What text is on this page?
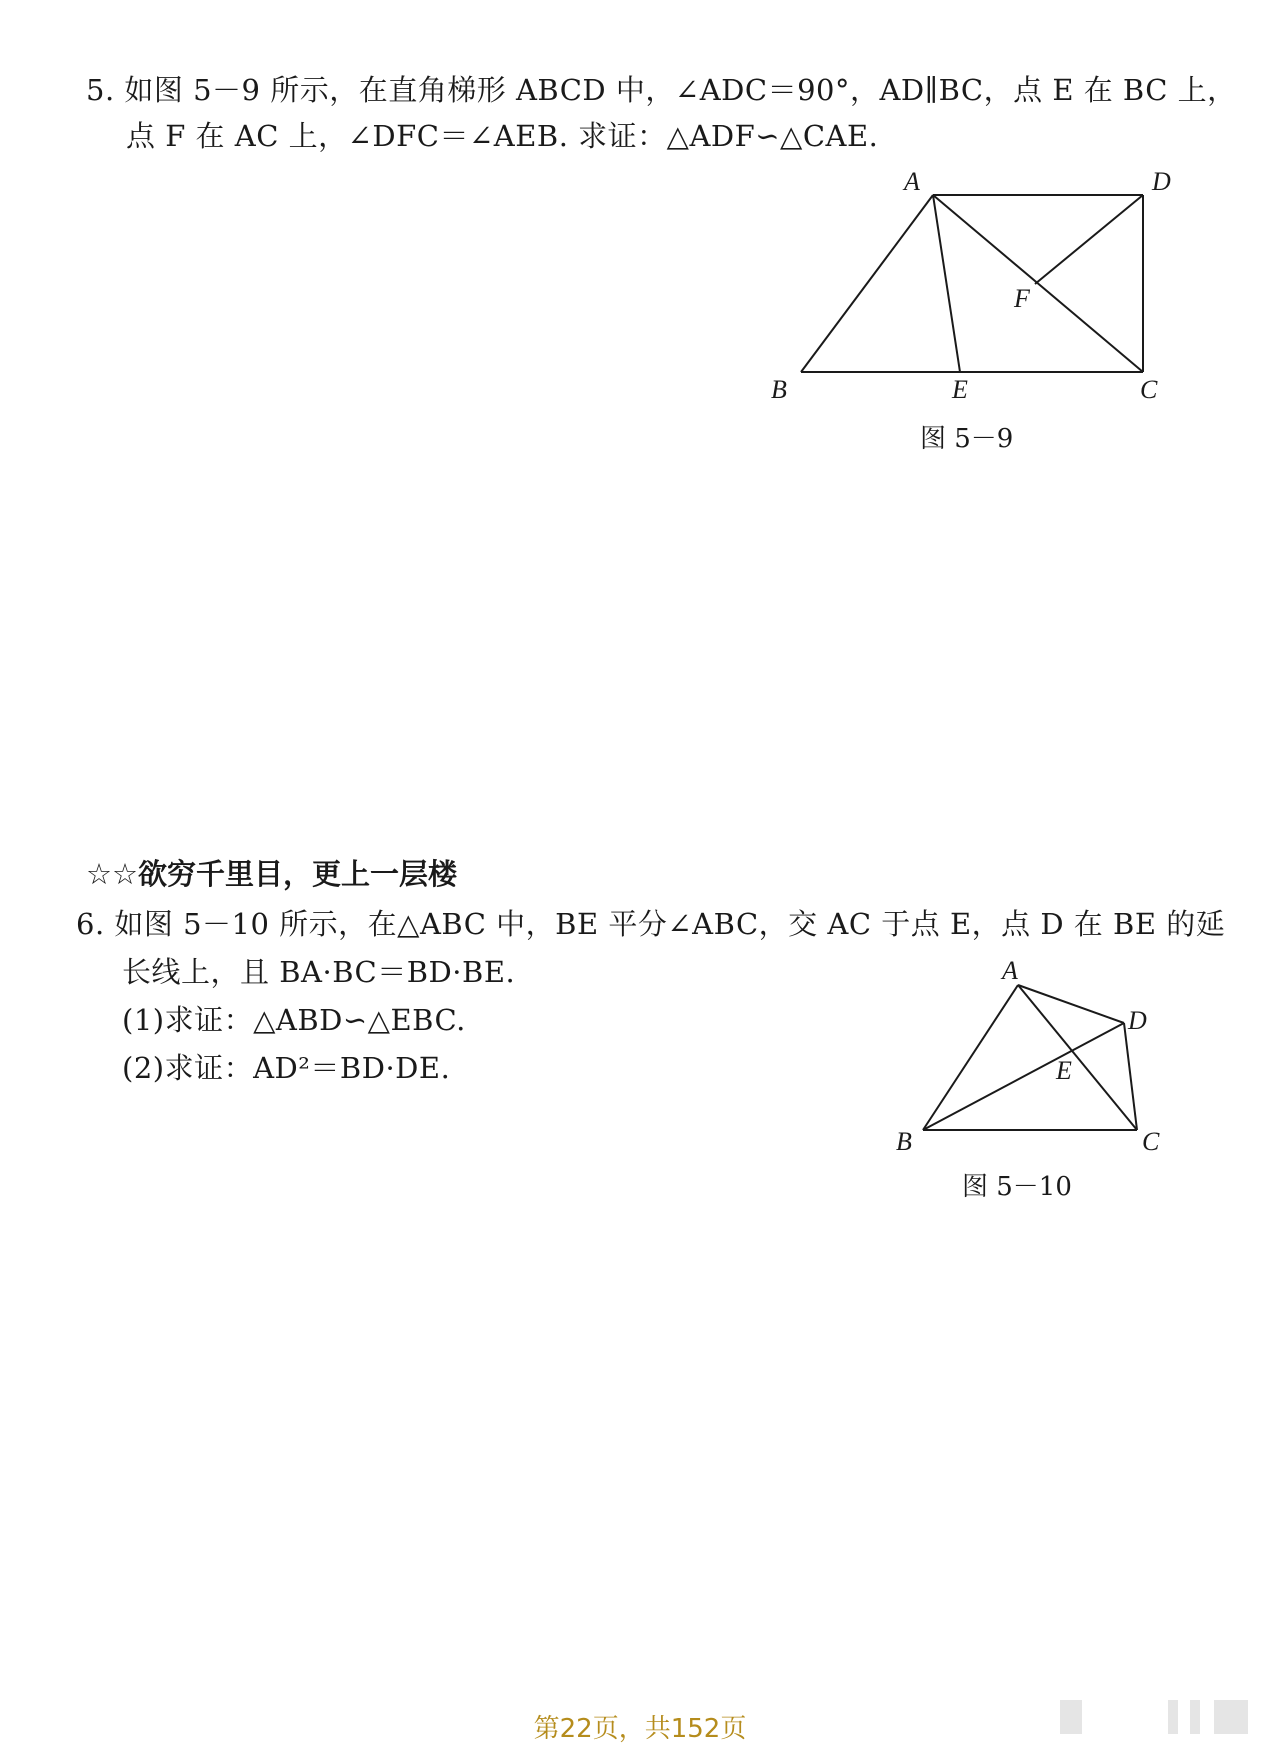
5. 如图 5－9 所示，在直角梯形 ABCD 中，∠ADC＝90°，AD∥BC，点 E 在 BC 上，
点 F 在 AC 上，∠DFC＝∠AEB. 求证：△ADF∽△CAE.
A	D
F
B	E	C
图 5－9
☆☆欲穷千里目，更上一层楼
6. 如图 5－10 所示，在△ABC 中，BE 平分∠ABC，交 AC 于点 E，点 D 在 BE 的延
长线上，且 BA·BC＝BD·BE.
(1)求证：△ABD∽△EBC.
(2)求证：AD²＝BD·DE.
A
D
E
B	C
图 5－10
第22页，共152页
